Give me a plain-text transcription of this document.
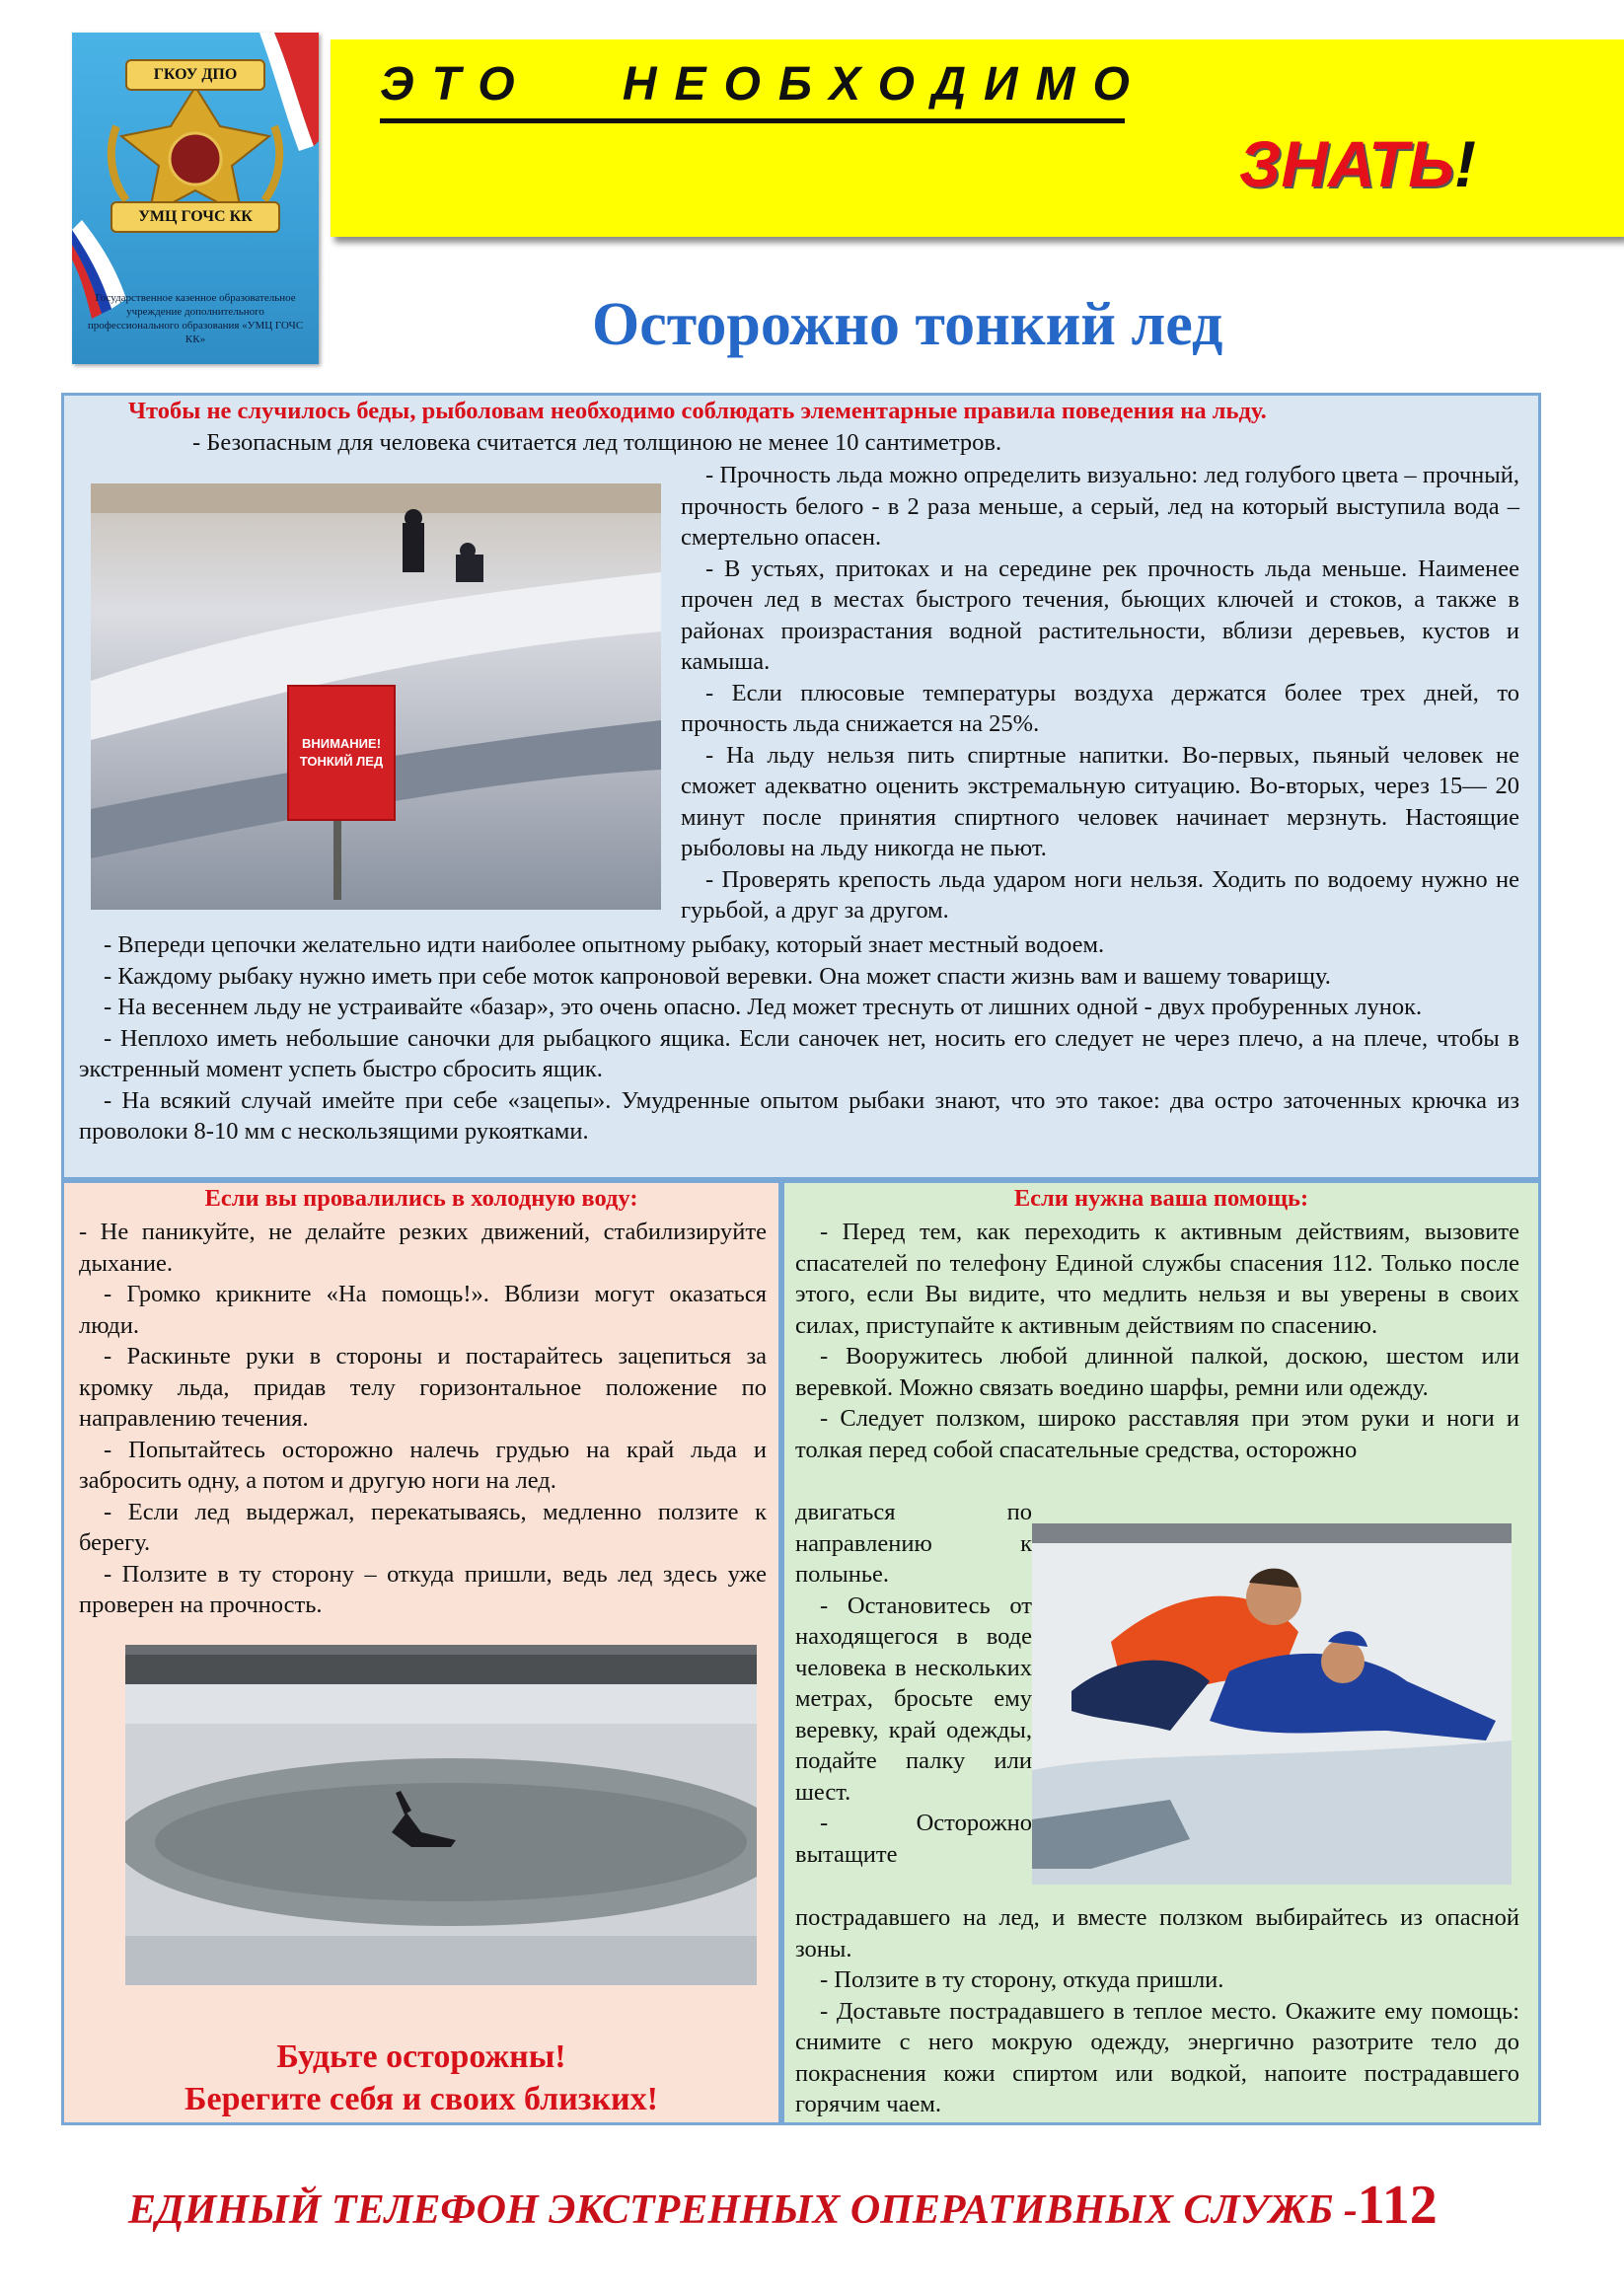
ГКОУ ДПО
УМЦ ГОЧС КК
Государственное казенное образовательное учреждение дополнительного профессионального образования «УМЦ ГОЧС КК»
ЭТО НЕОБХОДИМО
ЗНАТЬ!
Осторожно тонкий лед
Чтобы не случилось беды, рыболовам необходимо соблюдать элементарные правила поведения на льду.
- Безопасным для человека считается лед толщиною не менее 10 сантиметров.
ВНИМАНИЕ!
ТОНКИЙ ЛЕД

- Прочность льда можно определить визуально: лед голубого цвета – прочный, прочность белого - в 2 раза меньше, а серый, лед на который выступила вода – смертельно опасен.

- В устьях, притоках и на середине рек прочность льда меньше. Наименее прочен лед в местах быстрого течения, бьющих ключей и стоков, а также в районах произрастания водной растительности, вблизи деревьев, кустов и камыша.

- Если плюсовые температуры воздуха держатся более трех дней, то прочность льда снижается на 25%.

- На льду нельзя пить спиртные напитки. Во-первых, пьяный человек не сможет адекватно оценить экстремальную ситуацию. Во-вторых, через 15— 20 минут после принятия спиртного человек начинает мерзнуть. Настоящие рыболовы на льду никогда не пьют.

- Проверять крепость льда ударом ноги нельзя. Ходить по водоему нужно не гурьбой, а друг за другом.

- Впереди цепочки желательно идти наиболее опытному рыбаку, который знает местный водоем.

- Каждому рыбаку нужно иметь при себе моток капроновой веревки. Она может спасти жизнь вам и вашему товарищу.

- На весеннем льду не устраивайте «базар», это очень опасно. Лед может треснуть от лишних одной - двух пробуренных лунок.

- Неплохо иметь небольшие саночки для рыбацкого ящика. Если саночек нет, носить его следует не через плечо, а на плече, чтобы в экстренный момент успеть быстро сбросить ящик.

- На всякий случай имейте при себе «зацепы». Умудренные опытом рыбаки знают, что это такое: два остро заточенных крючка из проволоки 8-10 мм с нескользящими рукоятками.

Если вы провалились в холодную воду:

- Не паникуйте, не делайте резких движений, стабилизируйте дыхание.

- Громко крикните «На помощь!». Вблизи могут оказаться люди.

- Раскиньте руки в стороны и постарайтесь зацепиться за кромку льда, придав телу горизонтальное положение по направлению течения.

- Попытайтесь осторожно налечь грудью на край льда и забросить одну, а потом и другую ноги на лед.

- Если лед выдержал, перекатываясь, медленно ползите к берегу.

- Ползите в ту сторону – откуда пришли, ведь лед здесь уже проверен на прочность.

Будьте осторожны!
Берегите себя и своих близких!
Если нужна ваша помощь:

- Перед тем, как переходить к активным действиям, вызовите спасателей по телефону Единой службы спасения 112. Только после этого, если Вы видите, что медлить нельзя и вы уверены в своих силах, приступайте к активным действиям по спасению.

- Вооружитесь любой длинной палкой, доскою, шестом или веревкой. Можно связать воедино шарфы, ремни или одежду.

- Следует ползком, широко расставляя при этом руки и ноги и толкая перед собой спасательные средства, осторожно

двигаться по направлению к полынье.

- Остановитесь от находящегося в воде человека в нескольких метрах, бросьте ему веревку, край одежды, подайте палку или шест.

- Осторожно вытащите

пострадавшего на лед, и вместе ползком выбирайтесь из опасной зоны.

- Ползите в ту сторону, откуда пришли.

- Доставьте пострадавшего в теплое место. Окажите ему помощь: снимите с него мокрую одежду, энергично разотрите тело до покраснения кожи спиртом или водкой, напоите пострадавшего горячим чаем.

ЕДИНЫЙ ТЕЛЕФОН ЭКСТРЕННЫХ ОПЕРАТИВНЫХ СЛУЖБ -112
